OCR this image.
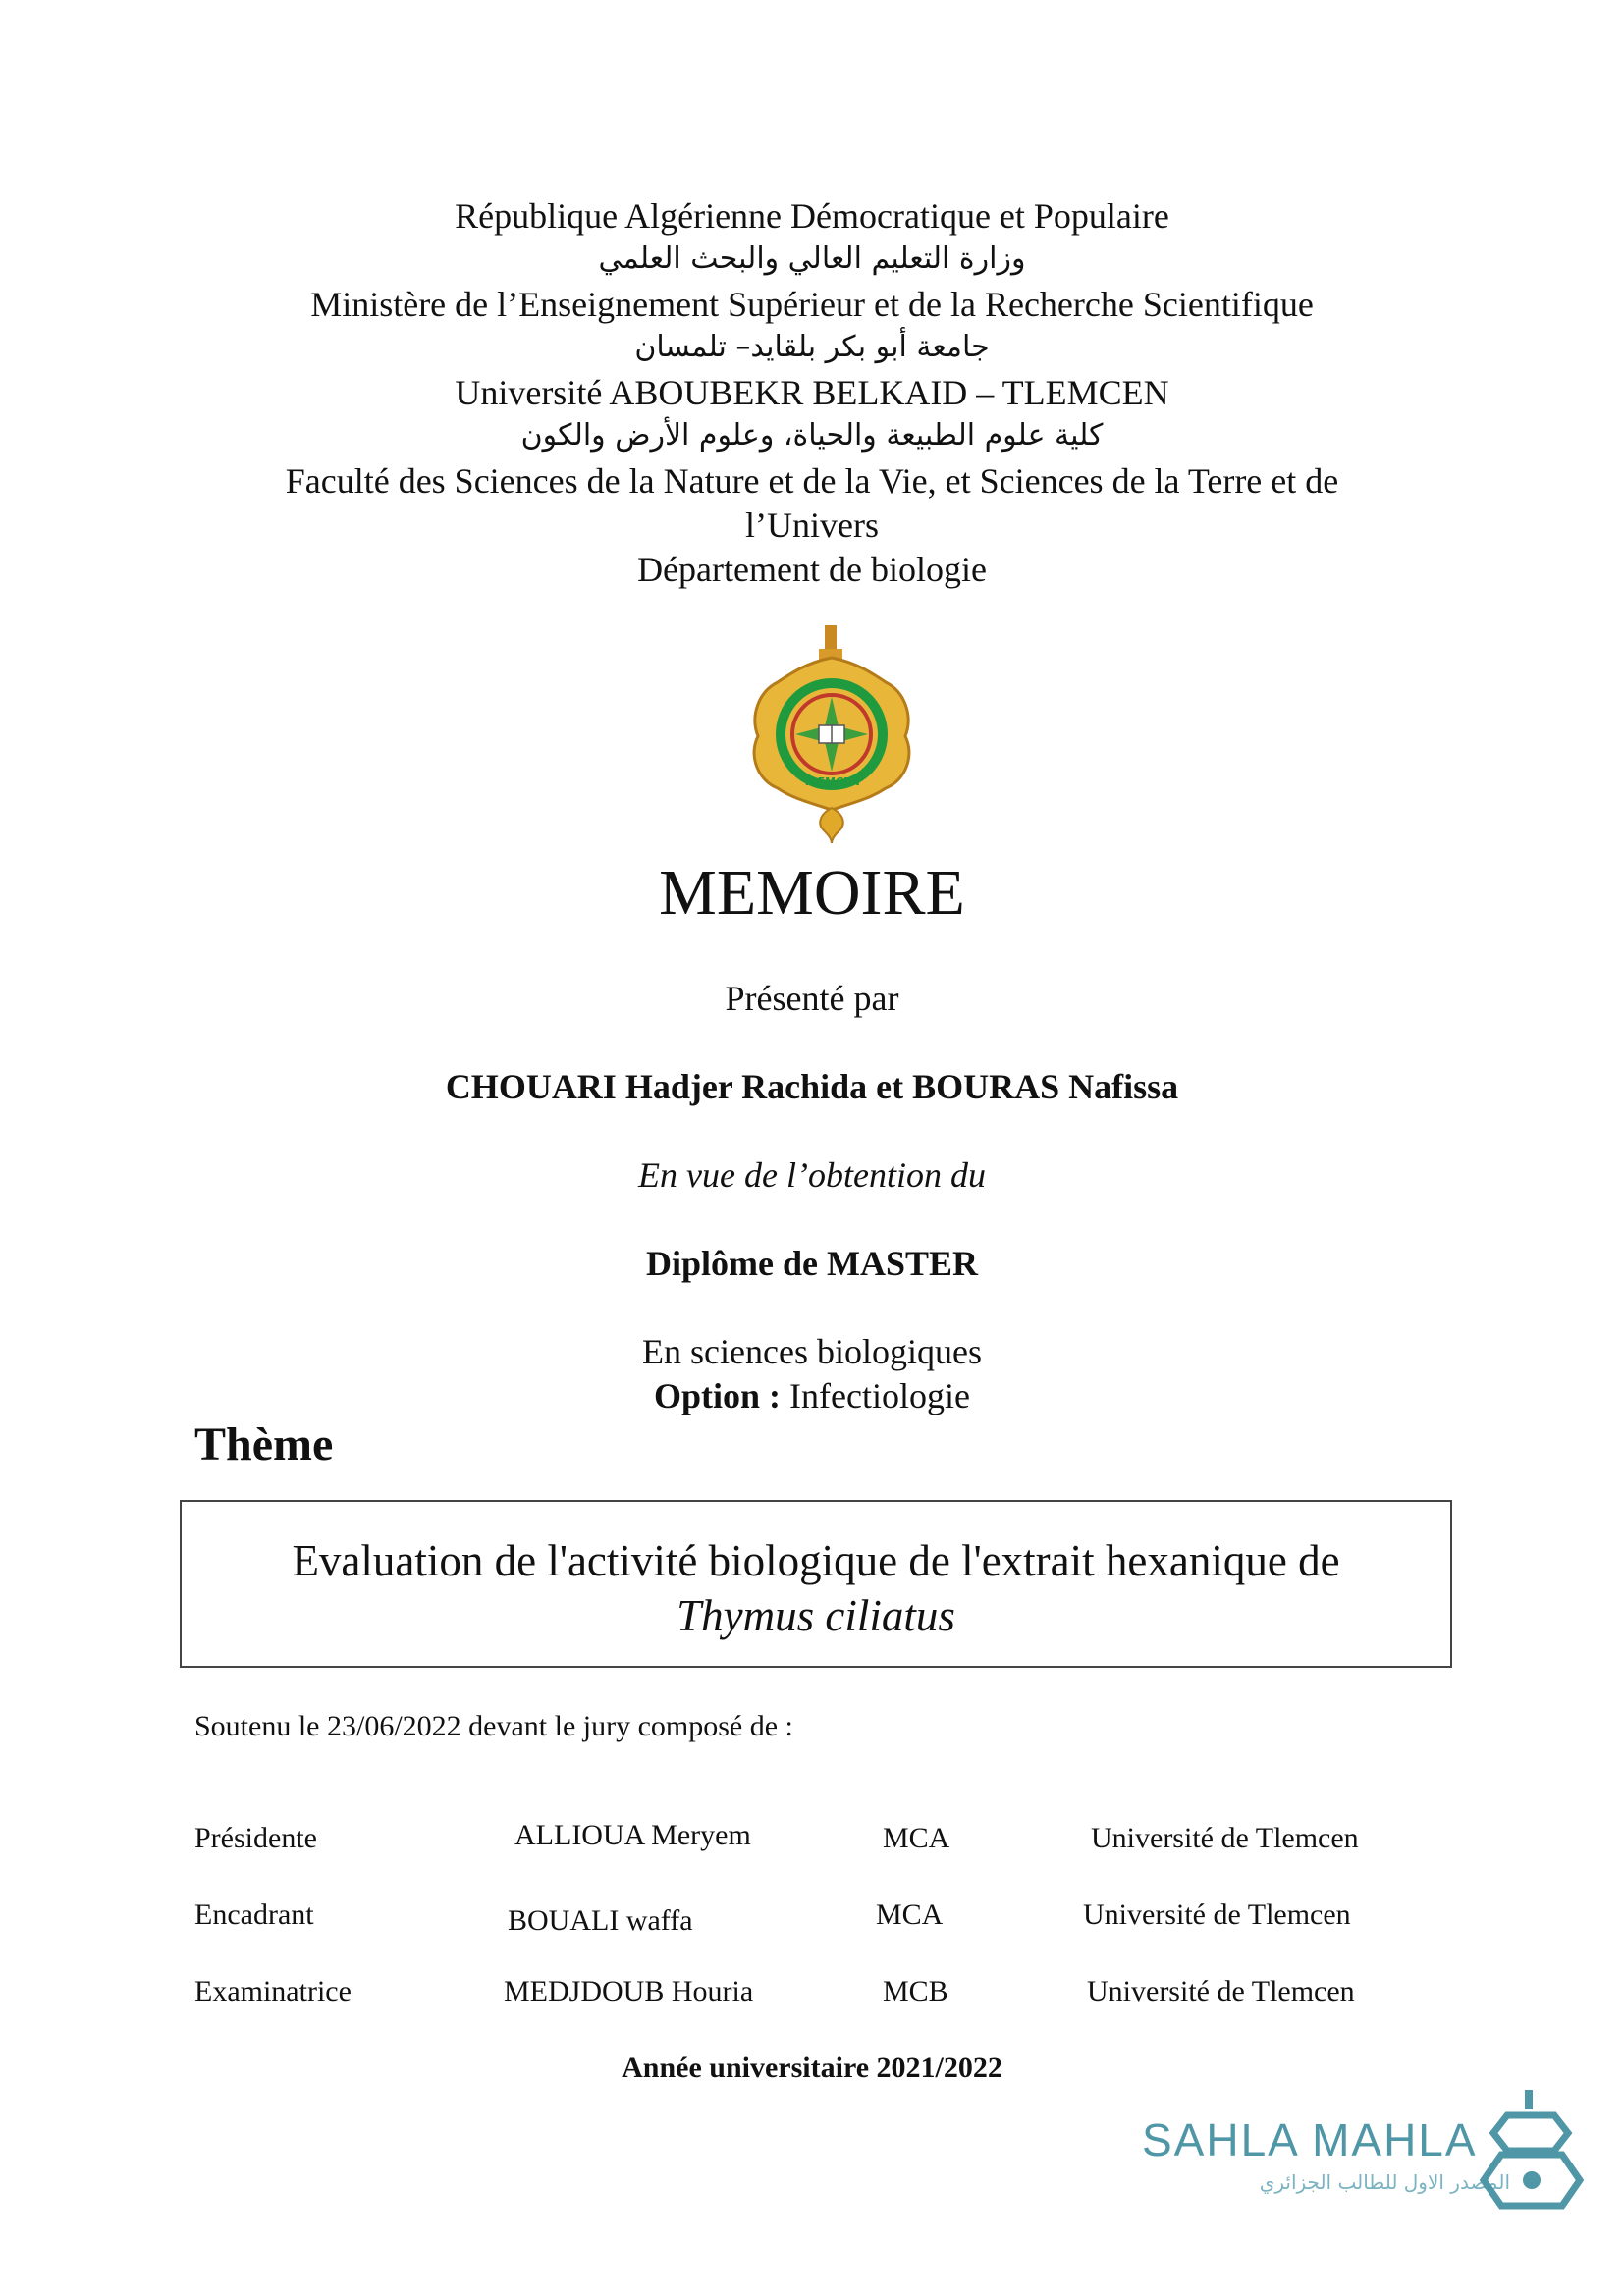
République Algérienne Démocratique et Populaire
وزارة التعليم العالي والبحث العلمي
Ministère de l’Enseignement Supérieur et de la Recherche Scientifique
جامعة أبو بكر بلقايد– تلمسان
Université ABOUBEKR BELKAID – TLEMCEN
كلية علوم الطبيعة والحياة، وعلوم الأرض والكون
Faculté des Sciences de la Nature et de la Vie, et Sciences de la Terre et de
l’Univers
Département de biologie
TLEMCEN
MEMOIRE
Présenté par
CHOUARI Hadjer Rachida et BOURAS Nafissa
En vue de l’obtention du
Diplôme de MASTER
En sciences biologiques
Option : Infectiologie
Thème
Evaluation de l'activité biologique de l'extrait hexanique de
Thymus ciliatus
Soutenu le 23/06/2022 devant le jury composé de :
Présidente	ALLIOUA Meryem	MCA	Université de Tlemcen
Encadrant	BOUALI waffa	MCA	Université de Tlemcen
Examinatrice	MEDJDOUB Houria	MCB	Université de Tlemcen
Année universitaire 2021/2022
SAHLA MAHLA
المصدر الاول للطالب الجزائري
